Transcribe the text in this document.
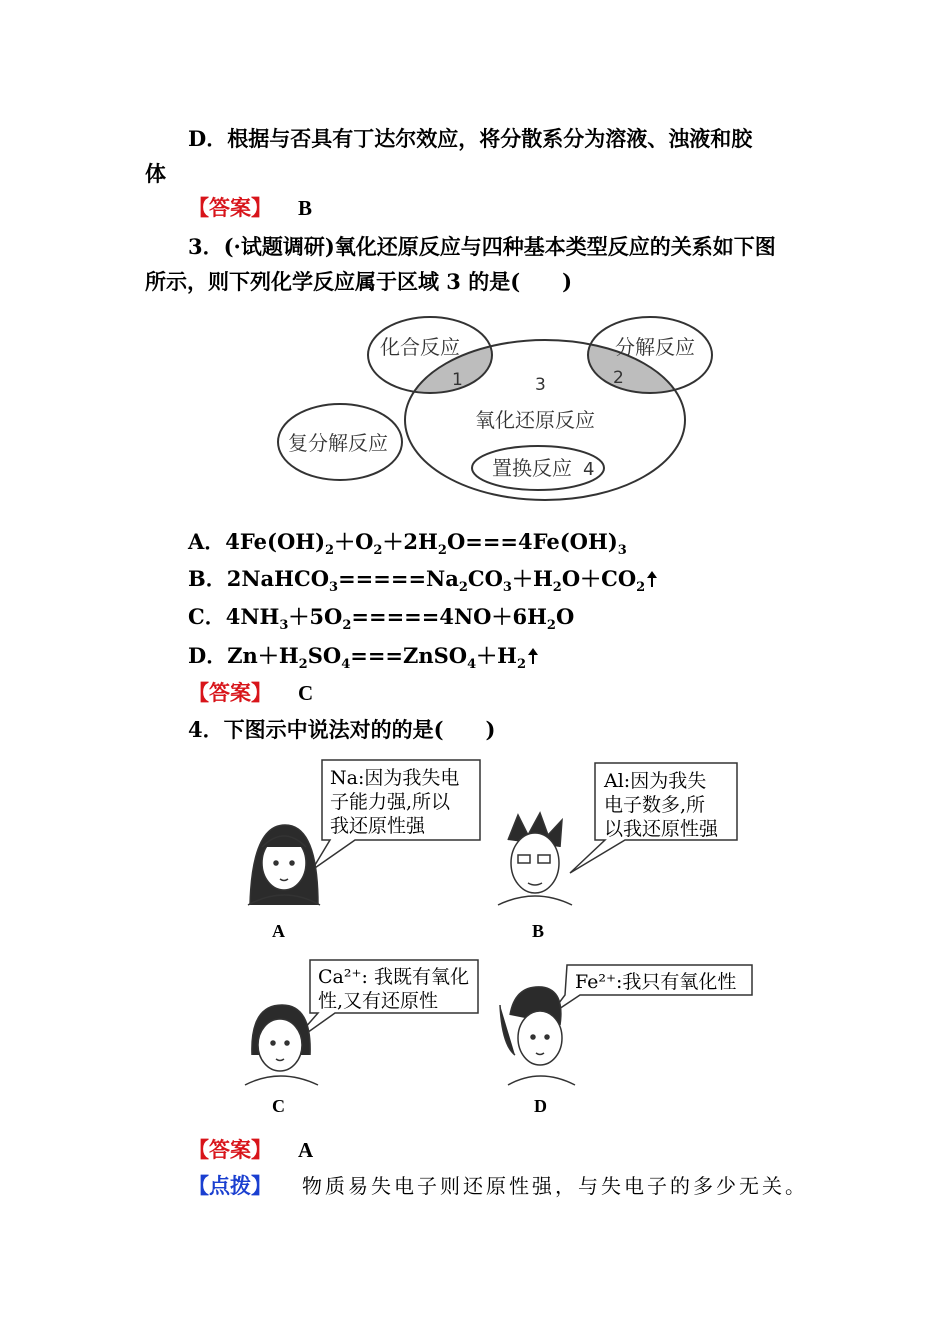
D．根据与否具有丁达尔效应，将分散系分为溶液、浊液和胶
体
【答案】 B
3．(·试题调研)氧化还原反应与四种基本类型反应的关系如下图
所示，则下列化学反应属于区域 3 的是(　　)
化合反应	分解反应
复分解反应
氧化还原反应
置换反应 4
1	2
3
A．$4Fe(OH)_2+O_2+2H_2O===4Fe(OH)_3$
B．$2NaHCO_3=====Na_2CO_3+H_2O+CO_2$
C．$4NH_3+5O_2=====4NO+6H_2O$
D．$Zn+H_2SO_4===ZnSO_4+H_2$
【答案】 C
4．下图示中说法对的的是(　　)
Na:因为我失电
子能力强,所以
我还原性强
Al:因为我失
电子数多,所
以我还原性强
Ca²⁺: 我既有氧化
性,又有还原性
Fe²⁺:我只有氧化性
A	B
C	D
【答案】 A
【点拨】 物质易失电子则还原性强，与失电子的多少无关。
